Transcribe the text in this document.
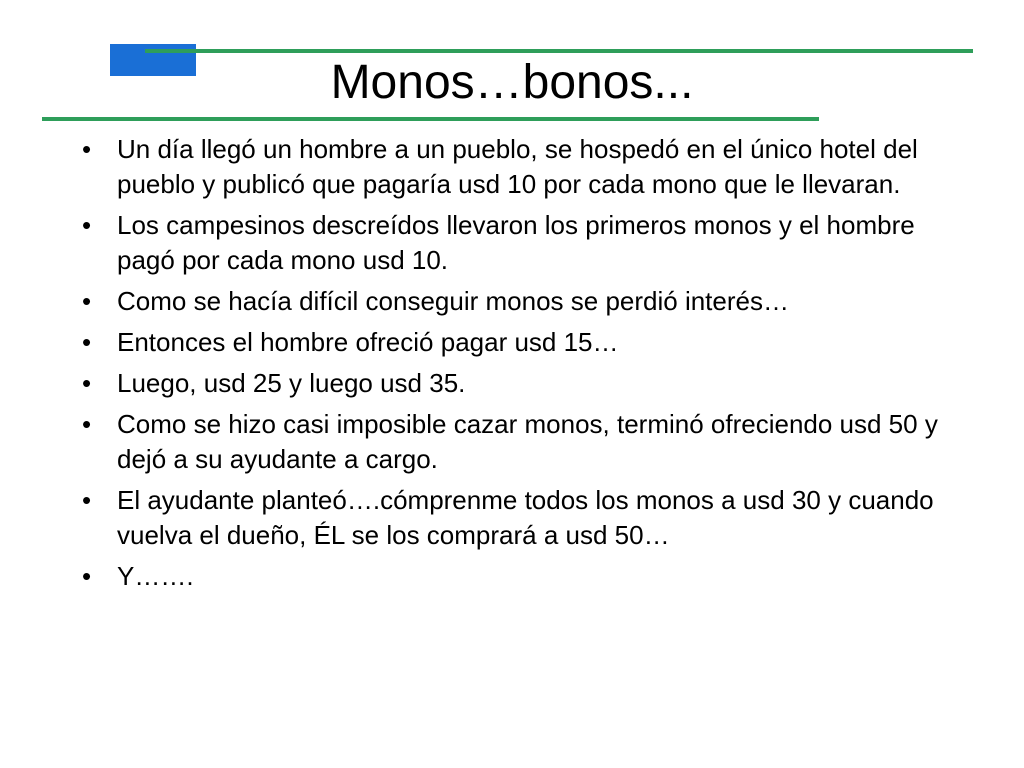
Monos…bonos...
• Un día llegó un hombre a un pueblo, se hospedó en el único hotel del pueblo y publicó que pagaría usd 10 por cada mono que le llevaran.
• Los campesinos descreídos llevaron los primeros monos y el hombre pagó por cada mono usd 10.
• Como se hacía difícil conseguir monos se perdió interés…
• Entonces el hombre ofreció pagar usd 15…
• Luego, usd 25 y luego usd 35.
• Como se hizo casi imposible cazar monos, terminó ofreciendo usd 50 y dejó a su ayudante a cargo.
• El ayudante planteó….cómprenme todos los monos a usd 30 y cuando vuelva el dueño, ÉL se los comprará a usd 50…
• Y…….
